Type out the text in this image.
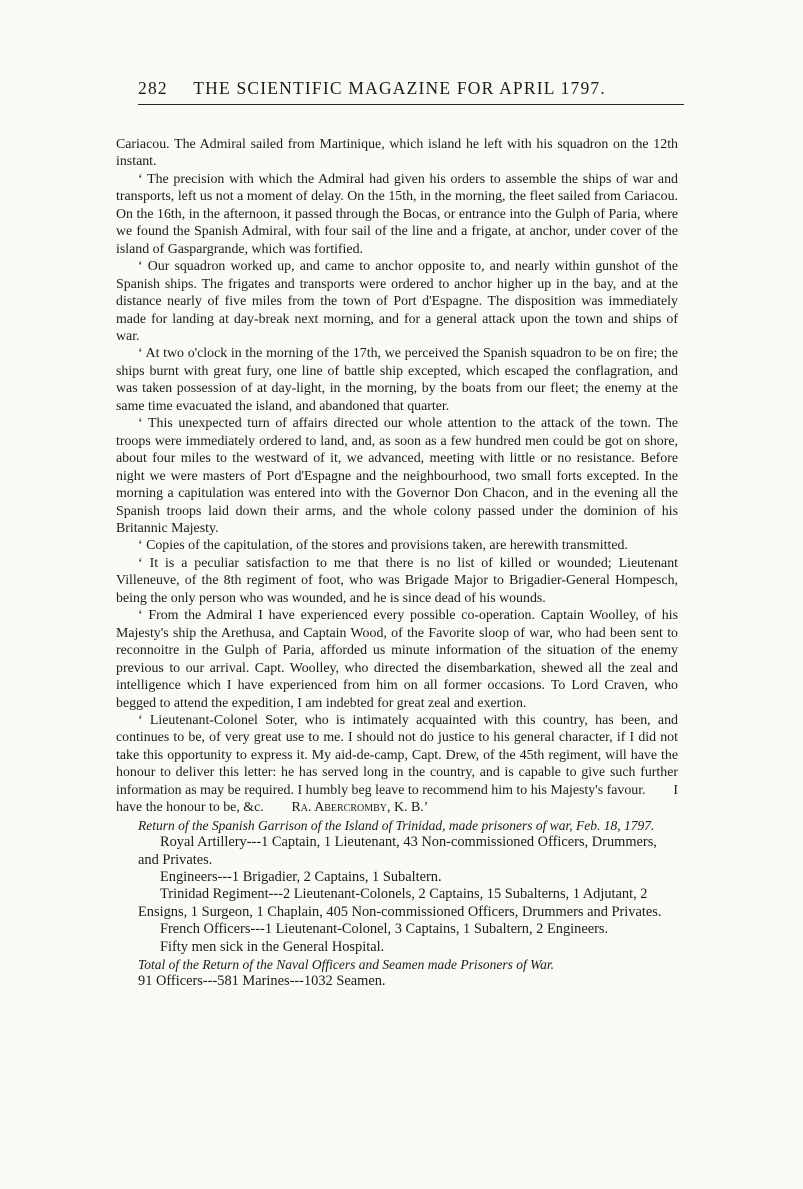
282 THE SCIENTIFIC MAGAZINE FOR APRIL 1797.

Cariacou. The Admiral sailed from Martinique, which island he left with his squadron on the 12th instant.

‘ The precision with which the Admiral had given his orders to assemble the ships of war and transports, left us not a moment of delay. On the 15th, in the morning, the fleet sailed from Cariacou. On the 16th, in the afternoon, it passed through the Bocas, or entrance into the Gulph of Paria, where we found the Spanish Admiral, with four sail of the line and a frigate, at anchor, under cover of the island of Gaspargrande, which was fortified.

‘ Our squadron worked up, and came to anchor opposite to, and nearly within gunshot of the Spanish ships. The frigates and transports were ordered to anchor higher up in the bay, and at the distance nearly of five miles from the town of Port d'Espagne. The disposition was immediately made for landing at day-break next morning, and for a general attack upon the town and ships of war.

‘ At two o'clock in the morning of the 17th, we perceived the Spanish squadron to be on fire; the ships burnt with great fury, one line of battle ship excepted, which escaped the conflagration, and was taken possession of at day-light, in the morning, by the boats from our fleet; the enemy at the same time evacuated the island, and abandoned that quarter.

‘ This unexpected turn of affairs directed our whole attention to the attack of the town. The troops were immediately ordered to land, and, as soon as a few hundred men could be got on shore, about four miles to the westward of it, we advanced, meeting with little or no resistance. Before night we were masters of Port d'Espagne and the neighbourhood, two small forts excepted. In the morning a capitulation was entered into with the Governor Don Chacon, and in the evening all the Spanish troops laid down their arms, and the whole colony passed under the dominion of his Britannic Majesty.

‘ Copies of the capitulation, of the stores and provisions taken, are herewith transmitted.

‘ It is a peculiar satisfaction to me that there is no list of killed or wounded; Lieutenant Villeneuve, of the 8th regiment of foot, who was Brigade Major to Brigadier-General Hompesch, being the only person who was wounded, and he is since dead of his wounds.

‘ From the Admiral I have experienced every possible co-operation. Captain Woolley, of his Majesty's ship the Arethusa, and Captain Wood, of the Favorite sloop of war, who had been sent to reconnoitre in the Gulph of Paria, afforded us minute information of the situation of the enemy previous to our arrival. Capt. Woolley, who directed the disembarkation, shewed all the zeal and intelligence which I have experienced from him on all former occasions. To Lord Craven, who begged to attend the expedition, I am indebted for great zeal and exertion.

‘ Lieutenant-Colonel Soter, who is intimately acquainted with this country, has been, and continues to be, of very great use to me. I should not do justice to his general character, if I did not take this opportunity to express it. My aid-de-camp, Capt. Drew, of the 45th regiment, will have the honour to deliver this letter: he has served long in the country, and is capable to give such further information as may be required. I humbly beg leave to recommend him to his Majesty's favour.   I have the honour to be, &c.   Ra. Abercromby, K. B.’

Return of the Spanish Garrison of the Island of Trinidad, made prisoners of war, Feb. 18, 1797.

Royal Artillery---1 Captain, 1 Lieutenant, 43 Non-commissioned Officers, Drummers, and Privates.

Engineers---1 Brigadier, 2 Captains, 1 Subaltern.

Trinidad Regiment---2 Lieutenant-Colonels, 2 Captains, 15 Subalterns, 1 Adjutant, 2 Ensigns, 1 Surgeon, 1 Chaplain, 405 Non-commissioned Officers, Drummers and Privates.

French Officers---1 Lieutenant-Colonel, 3 Captains, 1 Subaltern, 2 Engineers.

Fifty men sick in the General Hospital.

Total of the Return of the Naval Officers and Seamen made Prisoners of War.

91 Officers---581 Marines---1032 Seamen.
